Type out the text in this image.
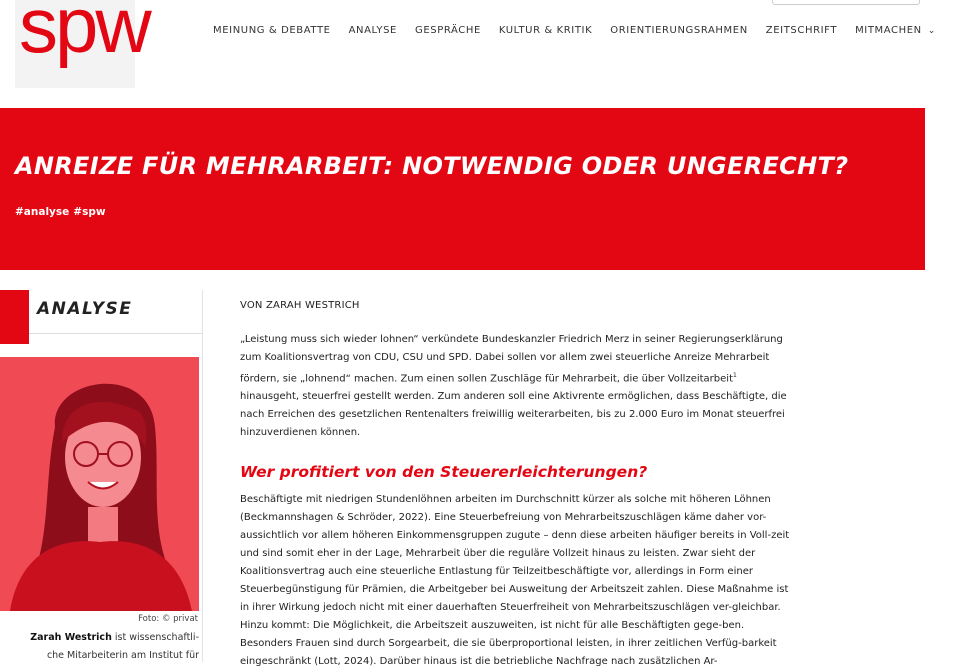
spw	MEINUNG & DEBATTE ANALYSE GESPRÄCHE KULTUR & KRITIK ORIENTIERUNGSRAHMEN ZEITSCHRIFT MITMACHEN ⌄
ANREIZE FÜR MEHRARBEIT: NOTWENDIG ODER UNGERECHT?
#analyse #spw
ANALYSE
Foto: © privat
Zarah Westrich ist wissenschaftli-
che Mitarbeiterin am Institut für
VON ZARAH WESTRICH

„Leistung muss sich wieder lohnen“ verkündete Bundeskanzler Friedrich Merz in seiner Regierungserklärung zum Koalitionsvertrag von CDU, CSU und SPD. Dabei sollen vor allem zwei steuerliche Anreize Mehrarbeit fördern, sie „lohnend“ machen. Zum einen sollen Zuschläge für Mehrarbeit, die über Vollzeitarbeit$^1$ hinausgeht, steuerfrei gestellt werden. Zum anderen soll eine Aktivrente ermöglichen, dass Beschäftigte, die nach Erreichen des gesetzlichen Rentenalters freiwillig weiterarbeiten, bis zu 2.000 Euro im Monat steuerfrei hinzuverdienen können.

Wer profitiert von den Steuererleichterungen?

Beschäftigte mit niedrigen Stundenlöhnen arbeiten im Durchschnitt kürzer als solche mit höheren Löhnen (Beckmannshagen & Schröder, 2022). Eine Steuerbefreiung von Mehrarbeitszuschlägen käme daher vor-aussichtlich vor allem höheren Einkommensgruppen zugute – denn diese arbeiten häufiger bereits in Voll-zeit und sind somit eher in der Lage, Mehrarbeit über die reguläre Vollzeit hinaus zu leisten. Zwar sieht der Koalitionsvertrag auch eine steuerliche Entlastung für Teilzeitbeschäftigte vor, allerdings in Form einer Steuerbegünstigung für Prämien, die Arbeitgeber bei Ausweitung der Arbeitszeit zahlen. Diese Maßnahme ist in ihrer Wirkung jedoch nicht mit einer dauerhaften Steuerfreiheit von Mehrarbeitszuschlägen ver-gleichbar. Hinzu kommt: Die Möglichkeit, die Arbeitszeit auszuweiten, ist nicht für alle Beschäftigten gege-ben. Besonders Frauen sind durch Sorgearbeit, die sie überproportional leisten, in ihrer zeitlichen Verfüg-barkeit eingeschränkt (Lott, 2024). Darüber hinaus ist die betriebliche Nachfrage nach zusätzlichen Ar-
